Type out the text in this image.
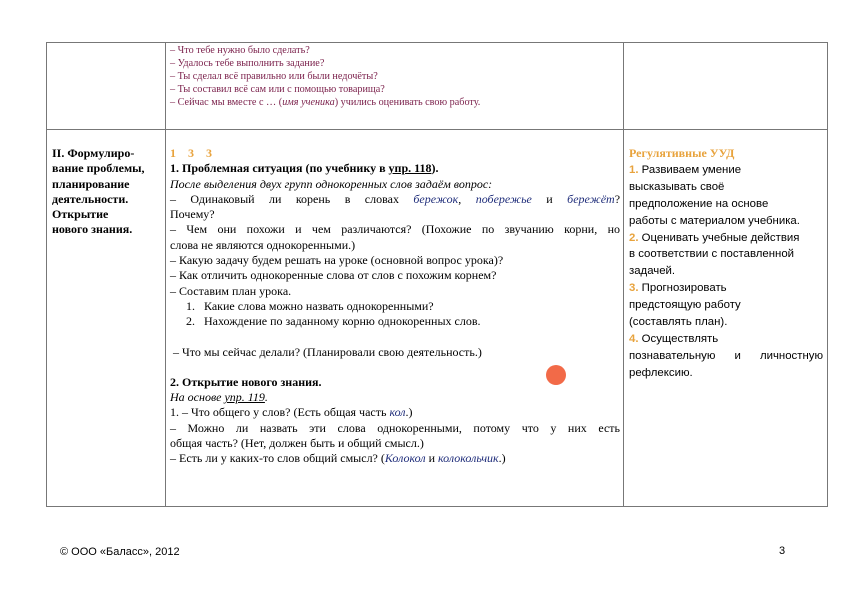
– Что тебе нужно было сделать?
– Удалось тебе выполнить задание?
– Ты сделал всё правильно или были недочёты?
– Ты составил всё сам или с помощью товарища?
– Сейчас мы вместе с … (имя ученика) учились оценивать свою работу.
II. Формулиро-
вание проблемы,
планирование
деятельности.
Открытие
нового знания.
1 3 3
1. Проблемная ситуация (по учебнику в упр. 118).
После выделения двух групп однокоренных слов задаём вопрос:
– Одинаковый ли корень в словах бережок, побережье и бережёт?
Почему?
– Чем они похожи и чем различаются? (Похожие по звучанию корни, но
слова не являются однокоренными.)
– Какую задачу будем решать на уроке (основной вопрос урока)?
– Как отличить однокоренные слова от слов с похожим корнем?
– Составим план урока.
1. Какие слова можно назвать однокоренными?
2. Нахождение по заданному корню однокоренных слов.
– Что мы сейчас делали? (Планировали свою деятельность.)
2. Открытие нового знания.
На основе упр. 119.
1. – Что общего у слов? (Есть общая часть кол.)
– Можно ли назвать эти слова однокоренными, потому что у них есть
общая часть? (Нет, должен быть и общий смысл.)
– Есть ли у каких-то слов общий смысл? (Колокол и колокольчик.)
Регулятивные УУД
1. Развиваем умение
высказывать своё
предположение на основе
работы с материалом учебника.
2. Оценивать учебные действия
в соответствии с поставленной
задачей.
3. Прогнозировать
предстоящую работу
(составлять план).
4. Осуществлять
познавательную и личностную
рефлексию.
© ООО «Баласс», 2012	3
